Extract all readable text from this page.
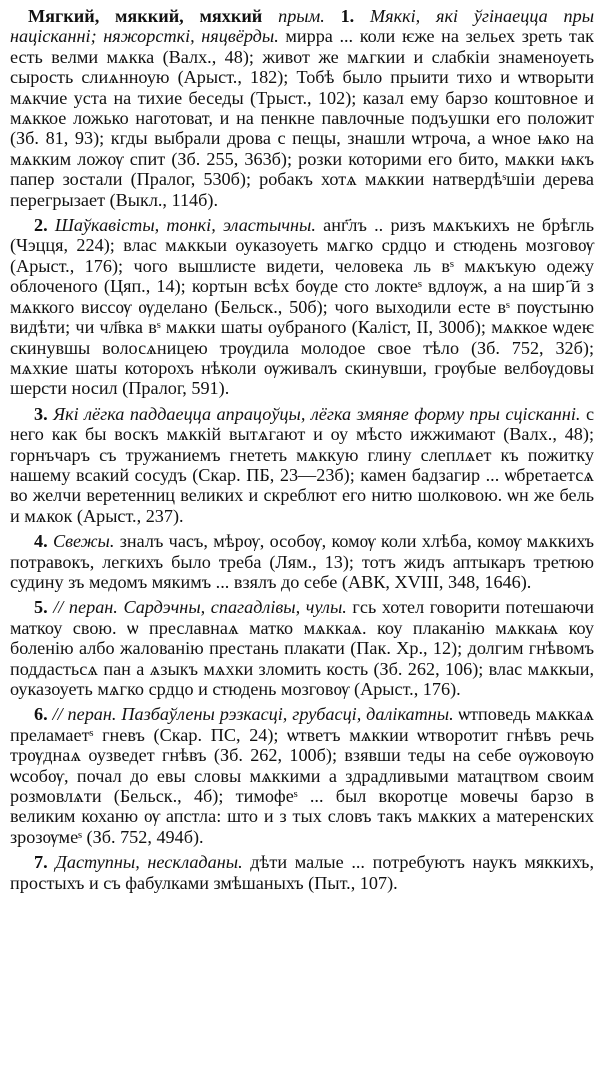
Мягкий, мяккий, мяхкий прым. 1. Мяккі, які ўгінаецца пры націсканні; няжорсткі, няцвёрды. мирра ... коли ѥже на зельех зреть так есть велми мѧкка (Валх., 48); живот же мѧгкии и слабкіи знаменоуеть сырость слиѧнноую (Арыст., 182); Тобѣ было прыити тихо и ѡтворыти мѧкчие уста на тихие беседы (Трыст., 102); казал ему барзо коштовное и мѧккое ложько наготоват, и на пенкне павлочные подъушки его положит (Зб. 81, 93); кгды выбрали дрова с пещы, знашли ѡтроча, а ѡное ѩко на мѧкким ложѹ спит (Зб. 255, 363б); розки которими его бито, мѧкки ѩкъ папер зостали (Пралог, 530б); робакъ хотѧ мѧккии натвердѣˢшіи дерева перегрызает (Выкл., 114б).

2. Шаўкавісты, тонкі, эластычны. анг҃лъ .. ризъ мѧкъкихъ не брѣгль (Чэцця, 224); влас мѧккыи оуказоуеть мѧгко срдцо и стюдень мозговѹ (Арыст., 176); чого вышлисте видети, человека ль вˢ мѧкъкую одежу облоченого (Цяп., 14); кортын всѣх бѹде сто локтеˢ вдлѹж, а на шир ҃ӣ з мѧккого виссѹ ѹделано (Бельск., 50б); чого выходили есте вˢ пѹстыню видѣти; чи чл҃вка вˢ мѧкки шаты оубраного (Каліст, II, 300б); мѧккое ѡдеѥ скинувшы волосѧницею трѹдила молодое свое тѣло (Зб. 752, 32б); мѧхкие шаты которохъ нѣколи ѹживалъ скинувши, грѹбые велбѹдовы шерсти носил (Пралог, 591).

3. Які лёгка паддаецца апрацоўцы, лёгка змяняе форму пры сцісканні. с него как бы воскъ мѧккій вытѧгают и оу мѣсто ижжимают (Валх., 48); горнъчаръ съ тружаниемъ гнететь мѧккую глину слеплѧет къ пожитку нашему всакий сосудъ (Скар. ПБ, 23—23б); камен бадзагир ... ѡбретаетсѧ во желчи веретенниц великих и скреблют его нитю шолковою. ѡн же бель и мѧкок (Арыст., 237).

4. Свежы. зналъ часъ, мѣрѹ, особѹ, комѹ коли хлѣба, комѹ мѧккихъ потравокъ, легкихъ было треба (Лям., 13); тотъ жидъ аптыкаръ третюю судину зъ медомъ мякимъ ... взялъ до себе (АВК, XVIII, 348, 1646).

5. // перан. Сардэчны, спагадлівы, чулы. гсь хотел говорити потешаючи маткоу свою. ѡ преславнаѧ матко мѧккаѧ. коу плаканію мѧккаѩ коу боленію албо жалованію престань плакати (Пак. Хр., 12); долгим гнѣвомъ поддастьсѧ пан а ѧзыкъ мѧхки зломить кость (Зб. 262, 106); влас мѧккыи, оуказоуеть мѧгко срдцо и стюдень мозговѹ (Арыст., 176).

6. // перан. Пазбаўлены рэзкасці, грубасці, далікатны. ѡтповедь мѧккаѧ преламаетˢ гневъ (Скар. ПС, 24); ѡтветъ мѧккии ѡтворотит гнѣвъ речь трѹднаѧ оузведет гнѣвъ (Зб. 262, 100б); взявши теды на себе ѹжовѹю ѡсобѹ, почал до евы словы мѧккими а здрадливыми матацтвом своим розмовлѧти (Бельск., 4б); тимофеˢ ... был вкоротце мовечы барзо в великим коханю ѹ апстла: што и з тых словъ такъ мѧкких а матеренских зрозѹмеˢ (Зб. 752, 494б).

7. Даступны, нескладаны. дѣти малые ... потребуютъ наукъ мяккихъ, простыхъ и съ фабулками змѣшаныхъ (Пыт., 107).
